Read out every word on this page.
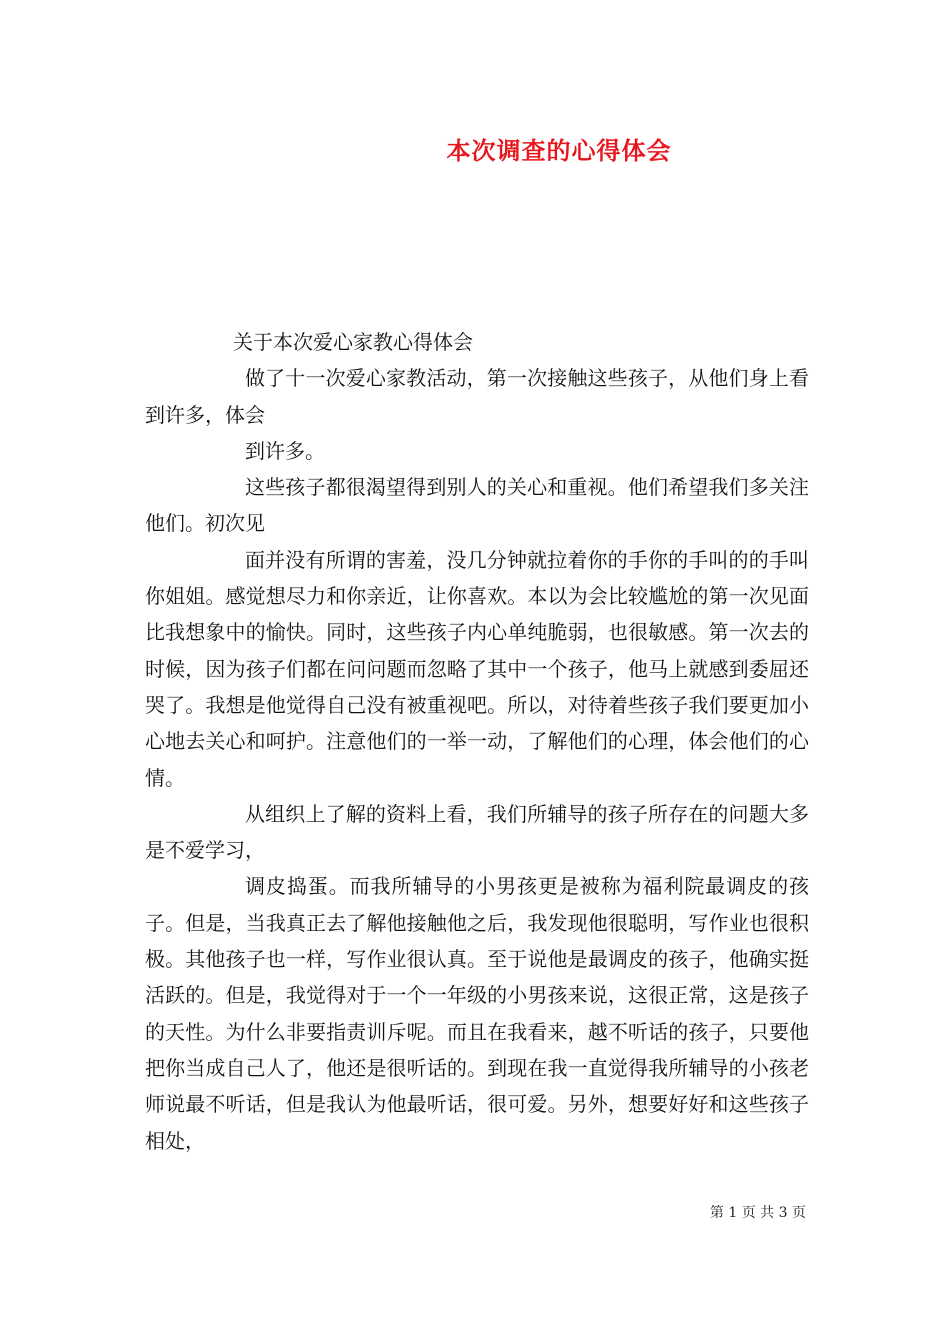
本次调查的心得体会

关于本次爱心家教心得体会

做了十一次爱心家教活动，第一次接触这些孩子，从他们身上看到许多，体会

到许多。

这些孩子都很渴望得到别人的关心和重视。他们希望我们多关注他们。初次见

面并没有所谓的害羞，没几分钟就拉着你的手你的手叫的的手叫你姐姐。感觉想尽力和你亲近，让你喜欢。本以为会比较尴尬的第一次见面比我想象中的愉快。同时，这些孩子内心单纯脆弱，也很敏感。第一次去的时候，因为孩子们都在问问题而忽略了其中一个孩子，他马上就感到委屈还哭了。我想是他觉得自己没有被重视吧。所以，对待着些孩子我们要更加小心地去关心和呵护。注意他们的一举一动，了解他们的心理，体会他们的心情。

从组织上了解的资料上看，我们所辅导的孩子所存在的问题大多是不爱学习，

调皮捣蛋。而我所辅导的小男孩更是被称为福利院最调皮的孩子。但是，当我真正去了解他接触他之后，我发现他很聪明，写作业也很积极。其他孩子也一样，写作业很认真。至于说他是最调皮的孩子，他确实挺活跃的。但是，我觉得对于一个一年级的小男孩来说，这很正常，这是孩子的天性。为什么非要指责训斥呢。而且在我看来，越不听话的孩子，只要他把你当成自己人了，他还是很听话的。到现在我一直觉得我所辅导的小孩老师说最不听话，但是我认为他最听话，很可爱。另外，想要好好和这些孩子相处，

第 1 页 共 3 页
